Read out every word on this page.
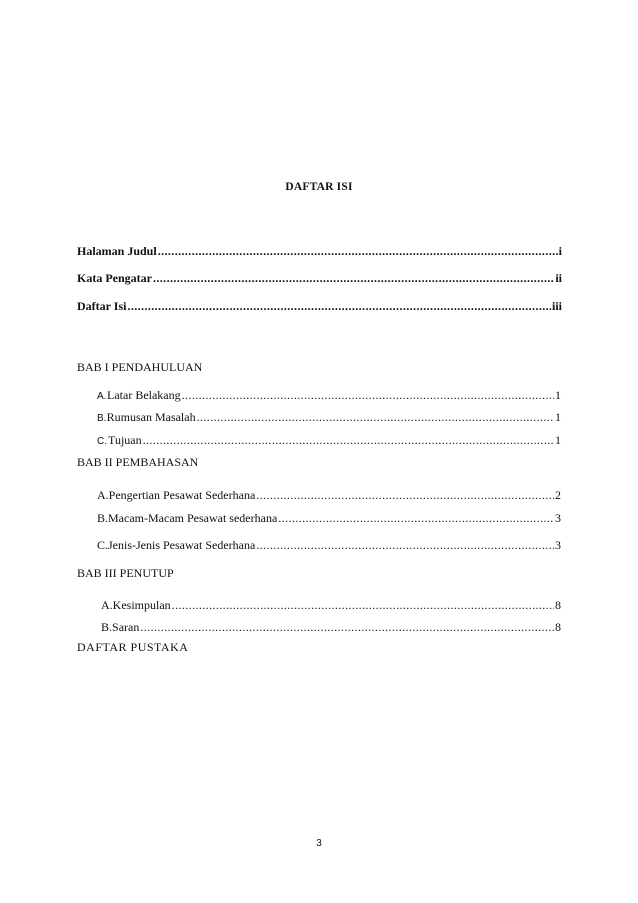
DAFTAR ISI
Halaman Judul .....	i
Kata Pengatar .....	ii
Daftar Isi .....	iii
BAB I PENDAHULUAN
A. Latar Belakang .....	1
B. Rumusan Masalah .....	1
C. Tujuan .....	1
BAB II PEMBAHASAN
A. Pengertian Pesawat Sederhana .....	2
B. Macam-Macam Pesawat sederhana .....	3
C. Jenis-Jenis Pesawat Sederhana .....	3
BAB III PENUTUP
A. Kesimpulan .....	8
B. Saran .....	8
DAFTAR PUSTAKA
3
